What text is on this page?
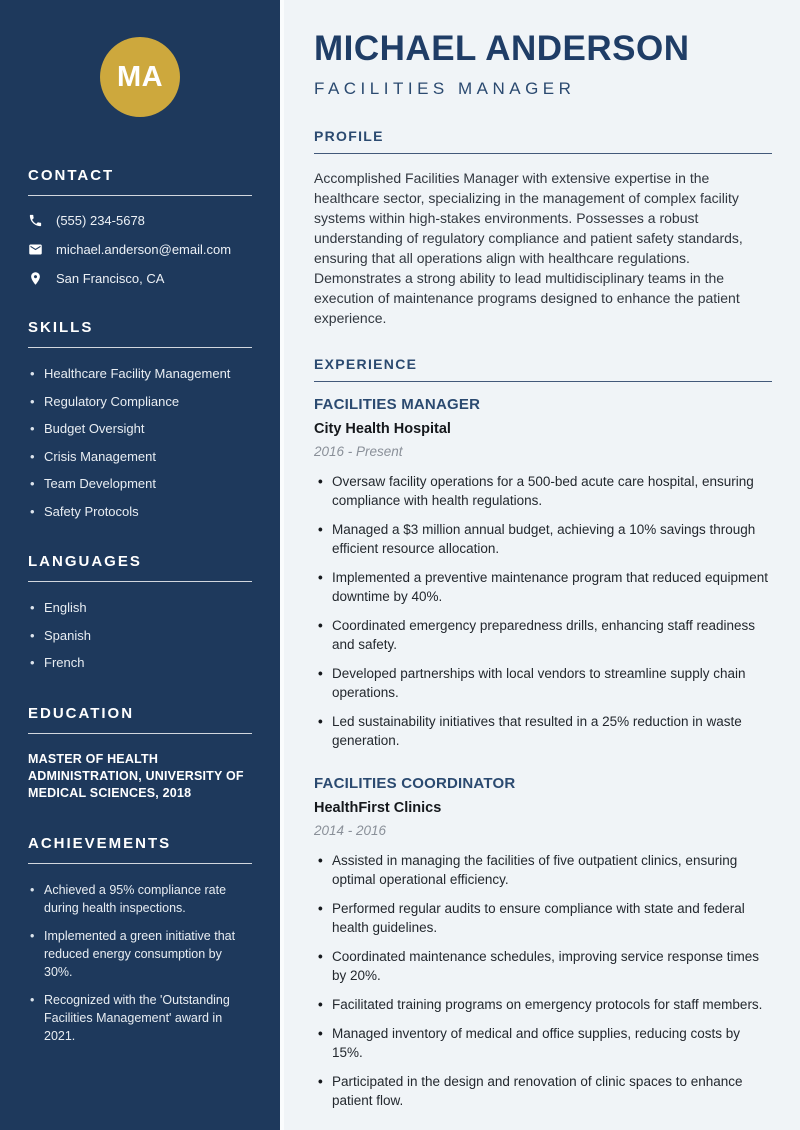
MA
CONTACT
(555) 234-5678
michael.anderson@email.com
San Francisco, CA
SKILLS
• Healthcare Facility Management
• Regulatory Compliance
• Budget Oversight
• Crisis Management
• Team Development
• Safety Protocols
LANGUAGES
• English
• Spanish
• French
EDUCATION

MASTER OF HEALTH ADMINISTRATION, UNIVERSITY OF MEDICAL SCIENCES, 2018

ACHIEVEMENTS
• Achieved a 95% compliance rate during health inspections.
• Implemented a green initiative that reduced energy consumption by 30%.
• Recognized with the 'Outstanding Facilities Management' award in 2021.
MICHAEL ANDERSON
FACILITIES MANAGER
PROFILE

Accomplished Facilities Manager with extensive expertise in the healthcare sector, specializing in the management of complex facility systems within high-stakes environments. Possesses a robust understanding of regulatory compliance and patient safety standards, ensuring that all operations align with healthcare regulations. Demonstrates a strong ability to lead multidisciplinary teams in the execution of maintenance programs designed to enhance the patient experience.

EXPERIENCE
FACILITIES MANAGER
City Health Hospital
2016 - Present
• Oversaw facility operations for a 500-bed acute care hospital, ensuring compliance with health regulations.
• Managed a $3 million annual budget, achieving a 10% savings through efficient resource allocation.
• Implemented a preventive maintenance program that reduced equipment downtime by 40%.
• Coordinated emergency preparedness drills, enhancing staff readiness and safety.
• Developed partnerships with local vendors to streamline supply chain operations.
• Led sustainability initiatives that resulted in a 25% reduction in waste generation.
FACILITIES COORDINATOR
HealthFirst Clinics
2014 - 2016
• Assisted in managing the facilities of five outpatient clinics, ensuring optimal operational efficiency.
• Performed regular audits to ensure compliance with state and federal health guidelines.
• Coordinated maintenance schedules, improving service response times by 20%.
• Facilitated training programs on emergency protocols for staff members.
• Managed inventory of medical and office supplies, reducing costs by 15%.
• Participated in the design and renovation of clinic spaces to enhance patient flow.
